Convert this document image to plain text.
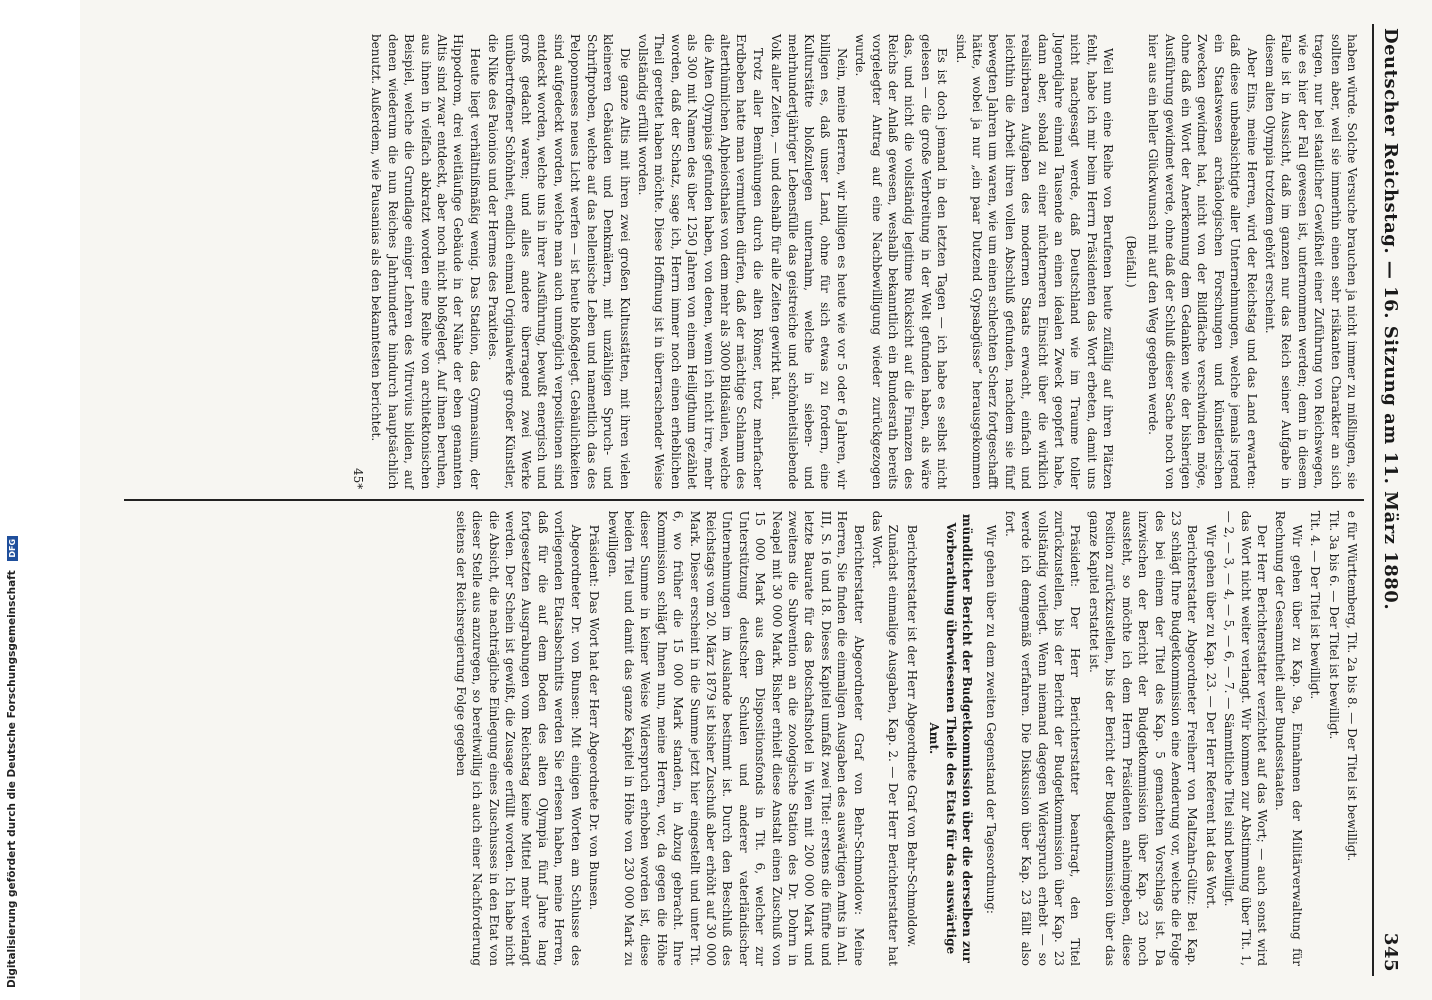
Digitalisierung gefördert durch die Deutsche Forschungsgemeinschaft DFG	Deutscher Reichstag. — 16. Sitzung am 11. März 1880.
345

haben würde. Solche Versuche brauchen ja nicht immer zu mißlingen, sie sollten aber, weil sie immerhin einen sehr risikanten Charakter an sich tragen, nur bei staatlicher Gewißheit einer Zuführung von Reichswegen, wie es hier der Fall gewesen ist, unternommen werden; denn in diesem Falle ist in Aussicht, daß im ganzen nur das Reich seiner Aufgabe in diesem alten Olympia trotzdem gehört erscheint.

Aber Eins, meine Herren, wird der Reichstag und das Land erwarten: daß diese unbeabsichtigte aller Unternehmungen, welche jemals irgend ein Staatswesen archäologischen Forschungen und künstlerischen Zwecken gewidmet hat, nicht von der Bildfläche verschwinden möge, ohne daß ein Wort der Anerkennung dem Gedanken wie der bisherigen Ausführung gewidmet werde, ohne daß der Schluß dieser Sache noch von hier aus ein heller Glückwunsch mit auf den Weg gegeben werde.

(Beifall.)

Weil nun eine Reihe von Berufenen heute zufällig auf ihren Plätzen fehlt, habe ich mir beim Herrn Präsidenten das Wort erbeten, damit uns nicht nachgesagt werde, daß Deutschland wie im Traume toller Jugendjahre einmal Tausende an einen idealen Zweck geopfert habe, dann aber, sobald zu einer nüchterneren Einsicht über die wirklich realisirbaren Aufgaben des modernen Staats erwacht, einfach und leichthin die Arbeit ihren vollen Abschluß gefunden, nachdem sie fünf bewegten Jahren um waren, wie um einen schlechten Scherz fortgeschafft hätte, wobei ja nur „ein paar Dutzend Gypsabgüsse“ herausgekommen sind.

Es ist doch jemand in den letzten Tagen — ich habe es selbst nicht gelesen — die große Verbreitung in der Welt gefunden haben, als wäre das, und nicht die vollständig legitime Rücksicht auf die Finanzen des Reichs der Anlaß gewesen, weshalb bekanntlich ein Bundesrath bereits vorgelegter Antrag auf eine Nachbewilligung wieder zurückgezogen wurde.

Nein, meine Herren, wir billigen es heute wie vor 5 oder 6 Jahren, wir billigen es, daß unser Land, ohne für sich etwas zu fordern, eine Kulturstätte bloßzulegen unternahm, welche in sieben- und mehrhundertjähriger Lebensfülle das geistreiche und schönheitsliebende Volk aller Zeiten, — und deshalb für alle Zeiten gewirkt hat.

Trotz aller Bemühungen durch die alten Römer, trotz mehrfacher Erdbeben hatte man vermuthen dürfen, daß der mächtige Schlamm des alterthümlichen Alpheiosthales von dem mehr als 3000 Bildsäulen, welche die Alten Olympias gefunden haben, von denen, wenn ich nicht irre, mehr als 300 mit Namen des über 1250 Jahren von einem Heiligthum gezählet worden, daß der Schatz, sage ich, Herrn immer noch einen erheblichen Theil gerettet haben möchte. Diese Hoffnung ist in überraschender Weise vollständig erfüllt worden.

Die ganze Altis mit ihren zwei großen Kultusstätten, mit ihren vielen kleineren Gebäuden und Denkmälern, mit unzähligen Spruch- und Schriftproben, welche auf das hellenische Leben und namentlich das des Peloponneses neues Licht werfen — ist heute bloßgelegt. Gebäulichkeiten sind aufgedeckt worden, welche man auch unmöglich verpositionen sind entdeckt worden, welche uns in ihrer Ausführung, bewußt energisch und groß gedacht waren; und alles andere überragend zwei Werke unübertroffener Schönheit, endlich einmal Originalwerke großer Künstler, die Nike des Paionios und der Hermes des Praxiteles.

Heute liegt verhältnißmäßig wenig. Das Stadion, das Gymnasium, der Hippodrom, drei weitläufige Gebäude in der Nähe der eben genannten Altis sind zwar entdeckt, aber noch nicht bloßgelegt. Auf ihnen beruhen, aus ihnen in vielfach abkratzt worden eine Reihe von architektonischen Beispiel, welche die Grundlage einiger Lehren des Vitruvius bilden, auf denen wiederum die nun Reiches Jahrhunderte hindurch hauptsächlich benutzt. Außerdem, wie Pausanias als den bekanntesten berichtet.

45*

e für Württemberg, Tit. 2a bis 8. — Der Titel ist bewilligt.

Tit. 3a bis 6. — Der Titel ist bewilligt.

Tit. 4. — Der Titel ist bewilligt.

Wir gehen über zu Kap. 9a, Einnahmen der Militärverwaltung für Rechnung der Gesammtheit aller Bundesstaaten.

Der Herr Berichterstatter verzichtet auf das Wort; — auch sonst wird das Wort nicht weiter verlangt. Wir kommen zur Abstimmung über Tit. 1, — 2, — 3, — 4, — 5, — 6, — 7. — Sämmtliche Titel sind bewilligt.

Wir gehen über zu Kap. 23. — Der Herr Referent hat das Wort.

Berichterstatter Abgeordneter Freiherr von Maltzahn-Gültz: Bei Kap. 23 schlägt Ihre Budgetkommission eine Aenderung vor, welche die Folge des bei einem der Titel des Kap. 5 gemachten Vorschlags ist. Da inzwischen der Bericht der Budgetkommission über Kap. 23 noch aussteht, so möchte ich dem Herrn Präsidenten anheimgeben, diese Position zurückzustellen, bis der Bericht der Budgetkommission über das ganze Kapitel erstattet ist.

Präsident: Der Herr Berichterstatter beantragt, den Titel zurückzustellen, bis der Bericht der Budgetkommission über Kap. 23 vollständig vorliegt. Wenn niemand dagegen Widerspruch erhebt — so werde ich demgemäß verfahren. Die Diskussion über Kap. 23 fällt also fort.

Wir gehen über zu dem zweiten Gegenstand der Tagesordnung:

mündlicher Bericht der Budgetkommission über die derselben zur Vorberathung überwiesenen Theile des Etats für das auswärtige Amt.

Berichterstatter ist der Herr Abgeordnete Graf von Behr-Schmoldow.

Zunächst einmalige Ausgaben, Kap. 2. — Der Herr Berichterstatter hat das Wort.

Berichterstatter Abgeordneter Graf von Behr-Schmoldow: Meine Herren, Sie finden die einmaligen Ausgaben des auswärtigen Amts in Anl. III, S. 16 und 18. Dieses Kapitel umfaßt zwei Titel: erstens die fünfte und letzte Baurate für das Botschaftshotel in Wien mit 200 000 Mark und zweitens die Subvention an die zoologische Station des Dr. Dohrn in Neapel mit 30 000 Mark. Bisher erhielt diese Anstalt einen Zuschuß von 15 000 Mark aus dem Dispositionsfonds in Tit. 6, welcher zur Unterstützung deutscher Schulen und anderer vaterländischer Unternehmungen im Auslande bestimmt ist. Durch den Beschluß des Reichstags vom 20. März 1879 ist bisher Zuschuß aber erhöht auf 30 000 Mark. Dieser erscheint in die Summe jetzt hier eingestellt und unter Tit. 6, wo früher die 15 000 Mark standen, in Abzug gebracht. Ihre Kommission schlägt Ihnen nun, meine Herren, vor, da gegen die Höhe dieser Summe in keiner Weise Widerspruch erhoben worden ist, diese beiden Titel und damit das ganze Kapitel in Höhe von 230 000 Mark zu bewilligen.

Präsident: Das Wort hat der Herr Abgeordnete Dr. von Bunsen.

Abgeordneter Dr. von Bunsen: Mit einigen Worten am Schlusse des vorliegenden Etatsabschnitts werden Sie erlesen haben, meine Herren, daß für die auf dem Boden des alten Olympia fünf Jahre lang fortgesetzten Ausgrabungen vom Reichstag keine Mittel mehr verlangt werden. Der Schein ist gewißt, die Zusage erfüllt worden. Ich habe nicht die Absicht, die nachträgliche Einlegung eines Zuschusses in den Etat von dieser Stelle aus anzuregen, so bereitwillig ich auch einer Nachforderung seitens der Reichsregierung Folge gegeben
